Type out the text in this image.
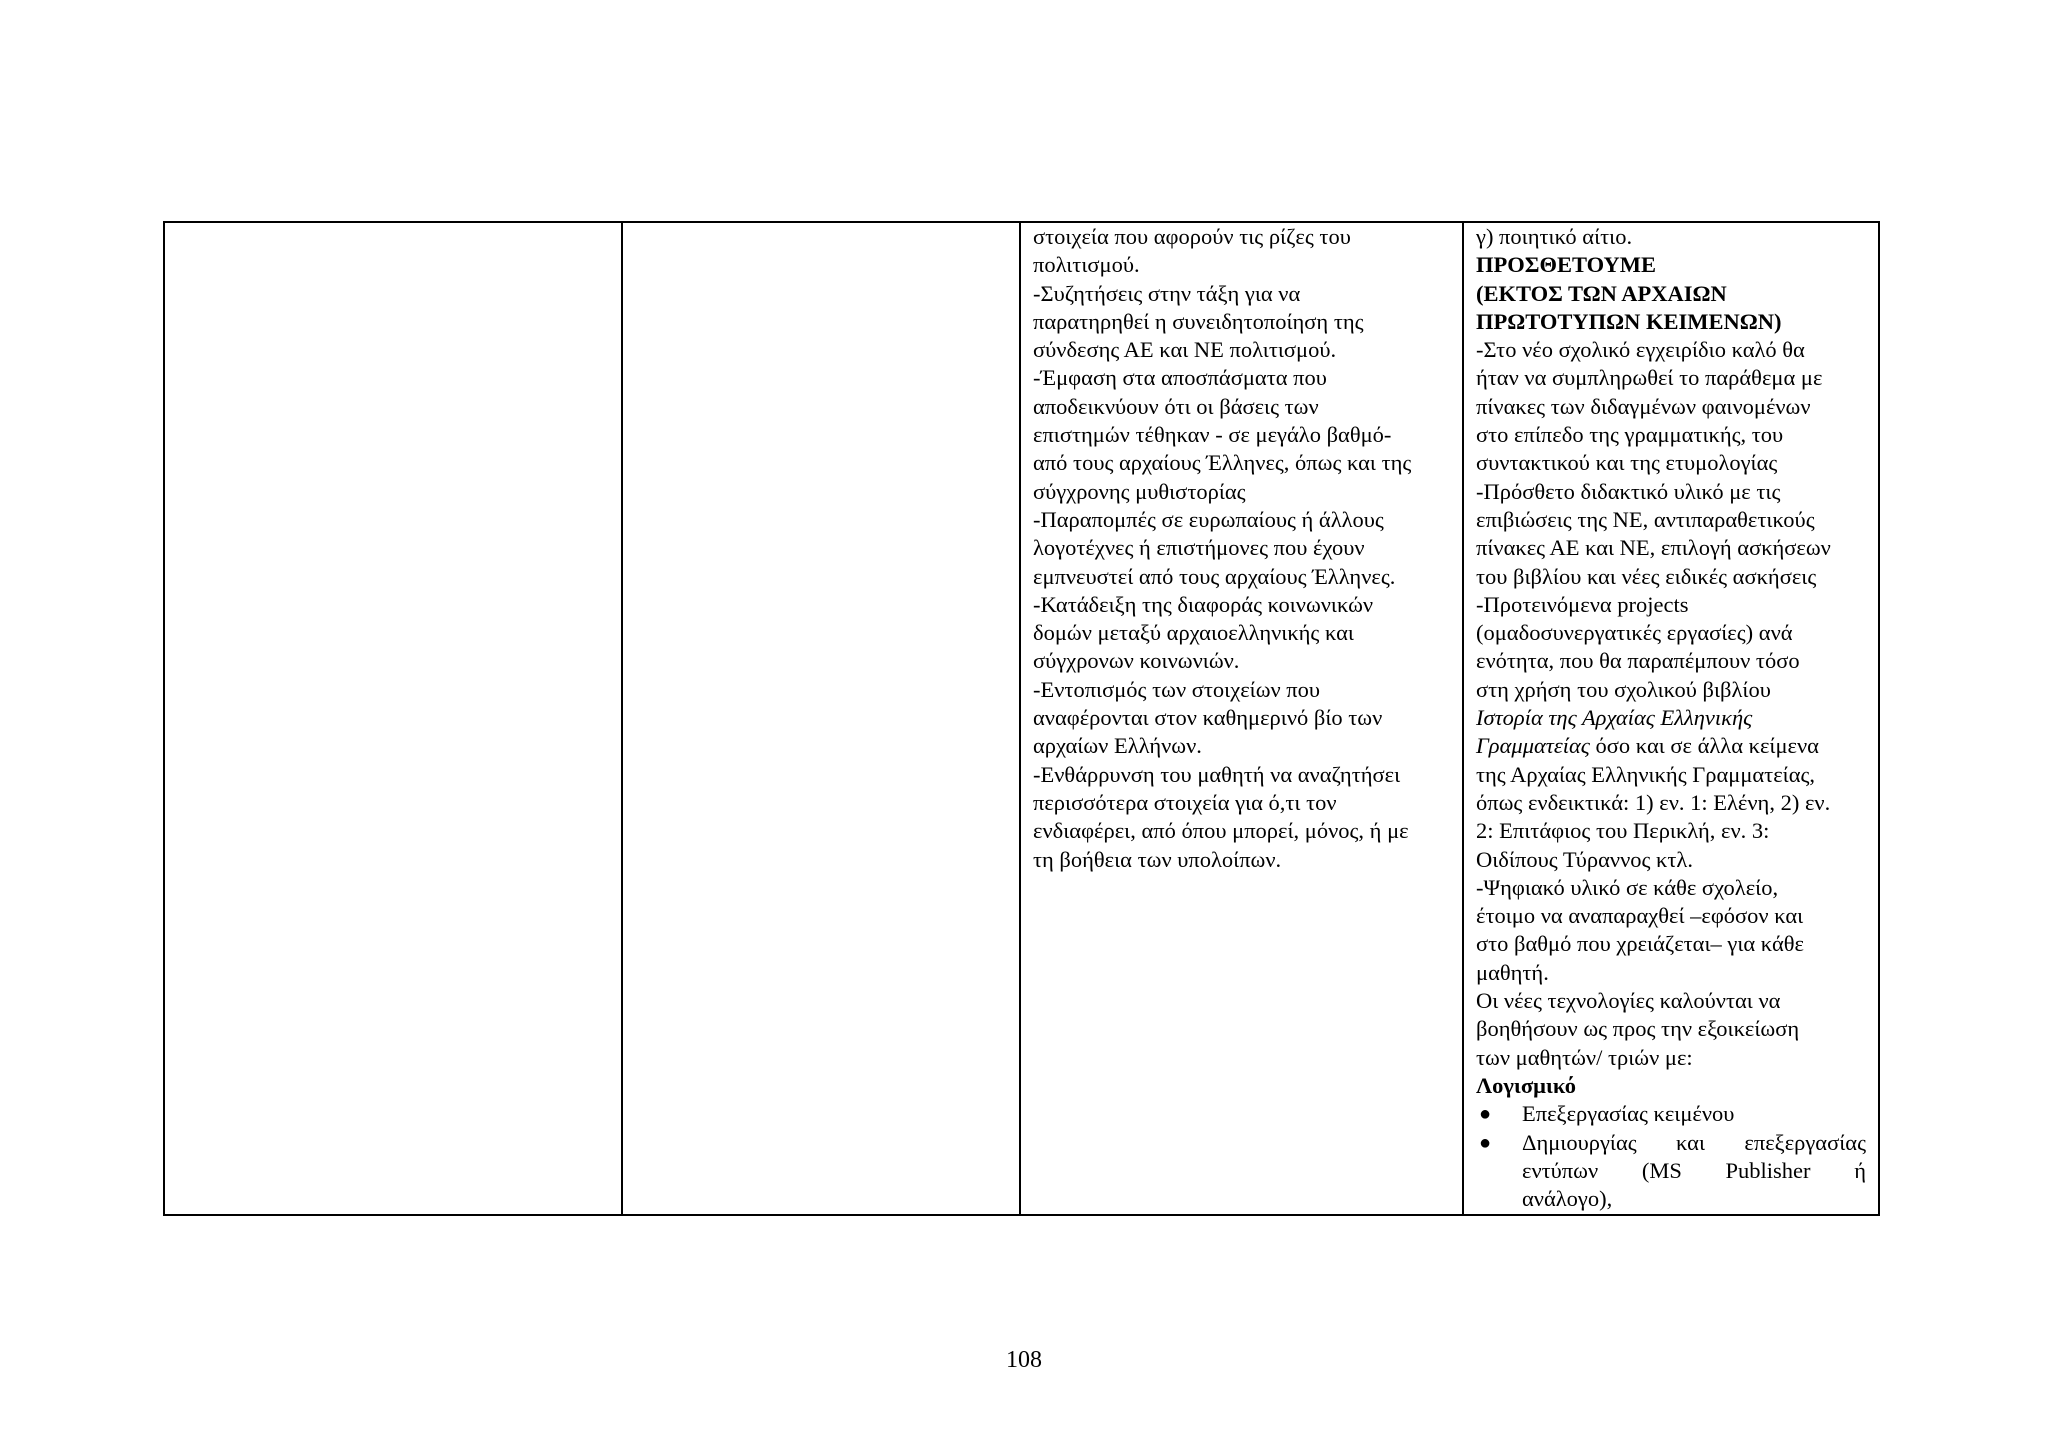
στοιχεία που αφορούν τις ρίζες του
πολιτισμού.
-Συζητήσεις στην τάξη για να
παρατηρηθεί η συνειδητοποίηση της
σύνδεσης ΑΕ και ΝΕ πολιτισμού.
-Έμφαση στα αποσπάσματα που
αποδεικνύουν ότι οι βάσεις των
επιστημών τέθηκαν - σε μεγάλο βαθμό-
από τους αρχαίους Έλληνες, όπως και της
σύγχρονης μυθιστορίας
-Παραπομπές σε ευρωπαίους ή άλλους
λογοτέχνες ή επιστήμονες που έχουν
εμπνευστεί από τους αρχαίους Έλληνες.
-Κατάδειξη της διαφοράς κοινωνικών
δομών μεταξύ αρχαιοελληνικής και
σύγχρονων κοινωνιών.
-Εντοπισμός των στοιχείων που
αναφέρονται στον καθημερινό βίο των
αρχαίων Ελλήνων.
-Ενθάρρυνση του μαθητή να αναζητήσει
περισσότερα στοιχεία για ό,τι τον
ενδιαφέρει, από όπου μπορεί, μόνος, ή με
τη βοήθεια των υπολοίπων.
γ) ποιητικό αίτιο.
ΠΡΟΣΘΕΤΟΥΜΕ
(ΕΚΤΟΣ ΤΩΝ ΑΡΧΑΙΩΝ
ΠΡΩΤΟΤΥΠΩΝ ΚΕΙΜΕΝΩΝ)
-Στο νέο σχολικό εγχειρίδιο καλό θα
ήταν να συμπληρωθεί το παράθεμα με
πίνακες των διδαγμένων φαινομένων
στο επίπεδο της γραμματικής, του
συντακτικού και της ετυμολογίας
-Πρόσθετο διδακτικό υλικό με τις
επιβιώσεις της ΝΕ, αντιπαραθετικούς
πίνακες ΑΕ και ΝΕ, επιλογή ασκήσεων
του βιβλίου και νέες ειδικές ασκήσεις
-Προτεινόμενα projects
(ομαδοσυνεργατικές εργασίες) ανά
ενότητα, που θα παραπέμπουν τόσο
στη χρήση του σχολικού βιβλίου
Ιστορία της Αρχαίας Ελληνικής
Γραμματείας όσο και σε άλλα κείμενα
της Αρχαίας Ελληνικής Γραμματείας,
όπως ενδεικτικά: 1) εν. 1: Ελένη, 2) εν.
2: Επιτάφιος του Περικλή, εν. 3:
Οιδίπους Τύραννος κτλ.
-Ψηφιακό υλικό σε κάθε σχολείο,
έτοιμο να αναπαραχθεί –εφόσον και
στο βαθμό που χρειάζεται– για κάθε
μαθητή.
Οι νέες τεχνολογίες καλούνται να
βοηθήσουν ως προς την εξοικείωση
των μαθητών/ τριών με:
Λογισμικό
● Επεξεργασίας κειμένου
● Δημιουργίας και επεξεργασίας
εντύπων (MS Publisher ή
ανάλογο),
108
